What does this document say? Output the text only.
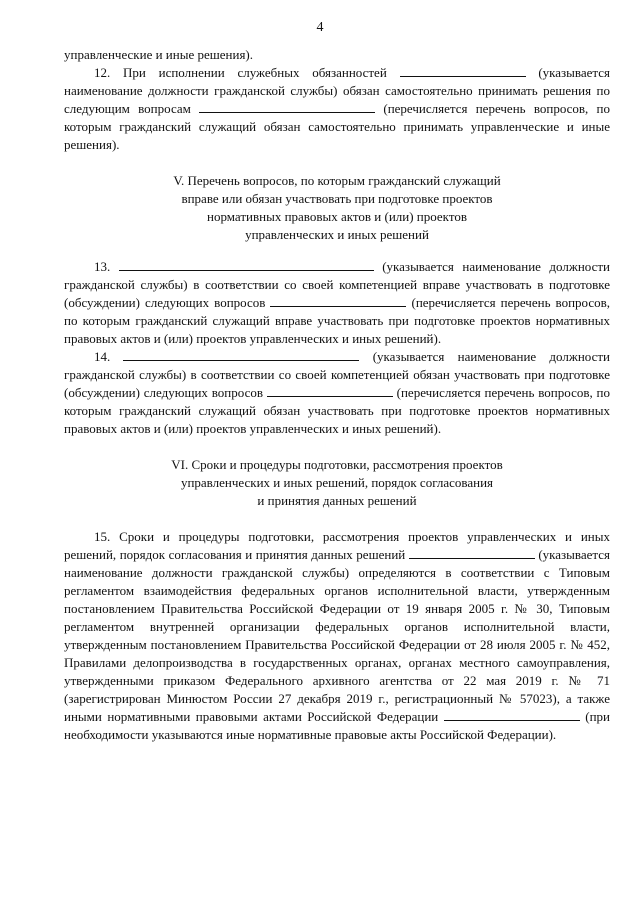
4

управленческие и иные решения).

12. При исполнении служебных обязанностей	(указывается наименование должности гражданской службы) обязан самостоятельно принимать решения по следующим вопросам	(перечисляется перечень вопросов, по которым гражданский служащий обязан самостоятельно принимать управленческие и иные решения).

V. Перечень вопросов, по которым гражданский служащий

вправе или обязан участвовать при подготовке проектов

нормативных правовых актов и (или) проектов

управленческих и иных решений

13.	(указывается наименование должности гражданской службы) в соответствии со своей компетенцией вправе участвовать в подготовке (обсуждении) следующих вопросов	(перечисляется перечень вопросов, по которым гражданский служащий вправе участвовать при подготовке проектов нормативных правовых актов и (или) проектов управленческих и иных решений).

14.	(указывается наименование должности гражданской службы) в соответствии со своей компетенцией обязан участвовать при подготовке (обсуждении) следующих вопросов	(перечисляется перечень вопросов, по которым гражданский служащий обязан участвовать при подготовке проектов нормативных правовых актов и (или) проектов управленческих и иных решений).

VI. Сроки и процедуры подготовки, рассмотрения проектов

управленческих и иных решений, порядок согласования

и принятия данных решений

15. Сроки и процедуры подготовки, рассмотрения проектов управленческих и иных решений, порядок согласования и принятия данных решений	(указывается наименование должности гражданской службы) определяются в соответствии с Типовым регламентом взаимодействия федеральных органов исполнительной власти, утвержденным постановлением Правительства Российской Федерации от 19 января 2005 г. № 30, Типовым регламентом внутренней организации федеральных органов исполнительной власти, утвержденным постановлением Правительства Российской Федерации от 28 июля 2005 г. № 452, Правилами делопроизводства в государственных органах, органах местного самоуправления, утвержденными приказом Федерального архивного агентства от 22 мая 2019 г. № 71 (зарегистрирован Минюстом России 27 декабря 2019 г., регистрационный № 57023), а также иными нормативными правовыми актами Российской Федерации	(при необходимости указываются иные нормативные правовые акты Российской Федерации).
